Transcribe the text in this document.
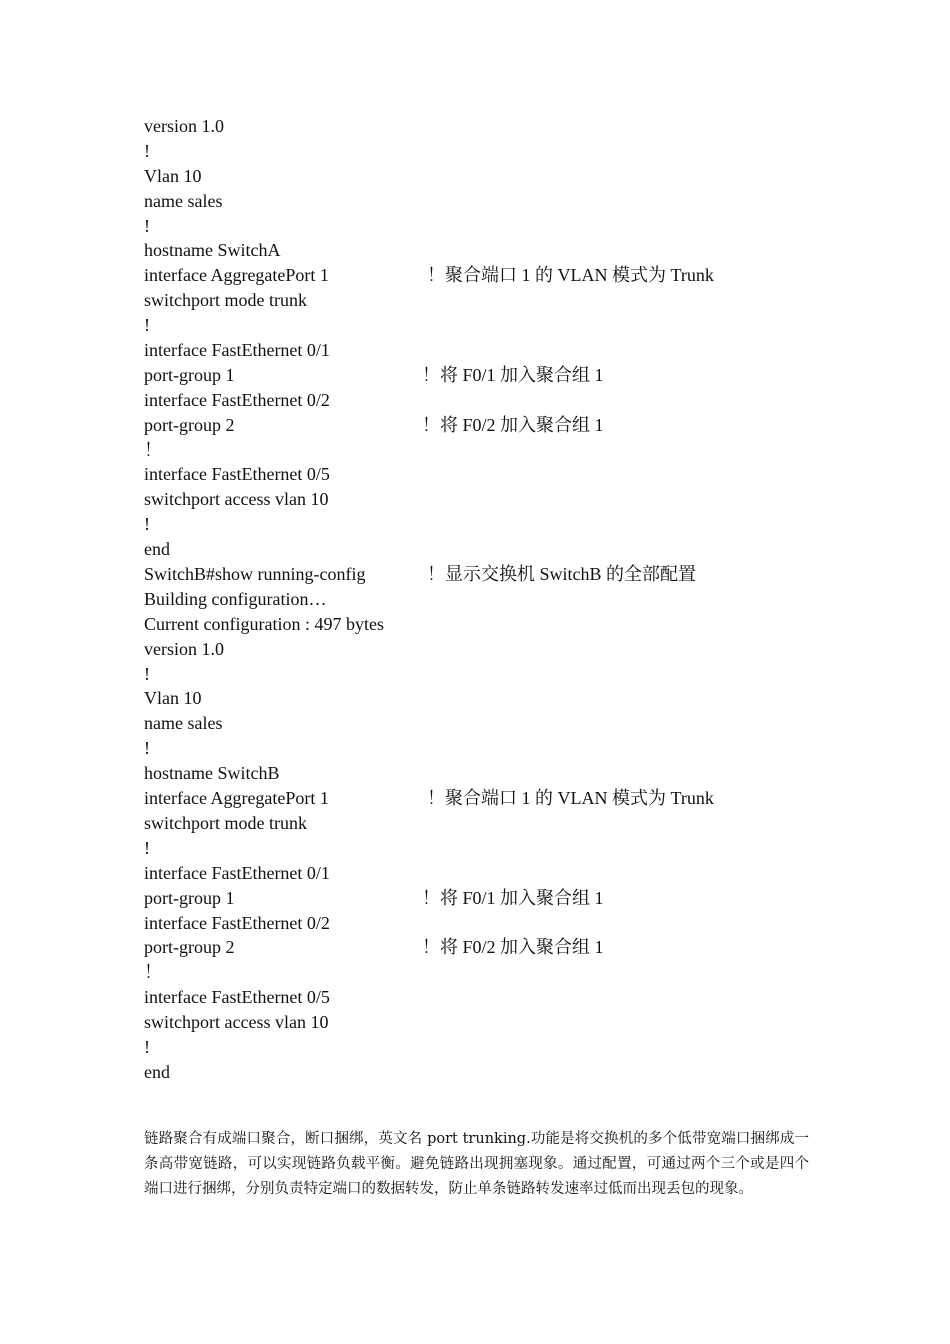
version 1.0
!
Vlan 10
name sales
!
hostname SwitchA
interface AggregatePort 1	！聚合端口 1 的 VLAN 模式为 Trunk
switchport mode trunk
!
interface FastEthernet 0/1
port-group 1	！将 F0/1 加入聚合组 1
interface FastEthernet 0/2
port-group 2	！将 F0/2 加入聚合组 1
！
interface FastEthernet 0/5
switchport access vlan 10
!
end
SwitchB#show running-config	！显示交换机 SwitchB 的全部配置
Building configuration…
Current configuration : 497 bytes
version 1.0
!
Vlan 10
name sales
!
hostname SwitchB
interface AggregatePort 1	！聚合端口 1 的 VLAN 模式为 Trunk
switchport mode trunk
!
interface FastEthernet 0/1
port-group 1	！将 F0/1 加入聚合组 1
interface FastEthernet 0/2
port-group 2	！将 F0/2 加入聚合组 1
！
interface FastEthernet 0/5
switchport access vlan 10
!
end

链路聚合有成端口聚合，断口捆绑，英文名 port trunking.功能是将交换机的多个低带宽端口捆绑成一条高带宽链路，可以实现链路负载平衡。避免链路出现拥塞现象。通过配置，可通过两个三个或是四个端口进行捆绑，分别负责特定端口的数据转发，防止单条链路转发速率过低而出现丢包的现象。
